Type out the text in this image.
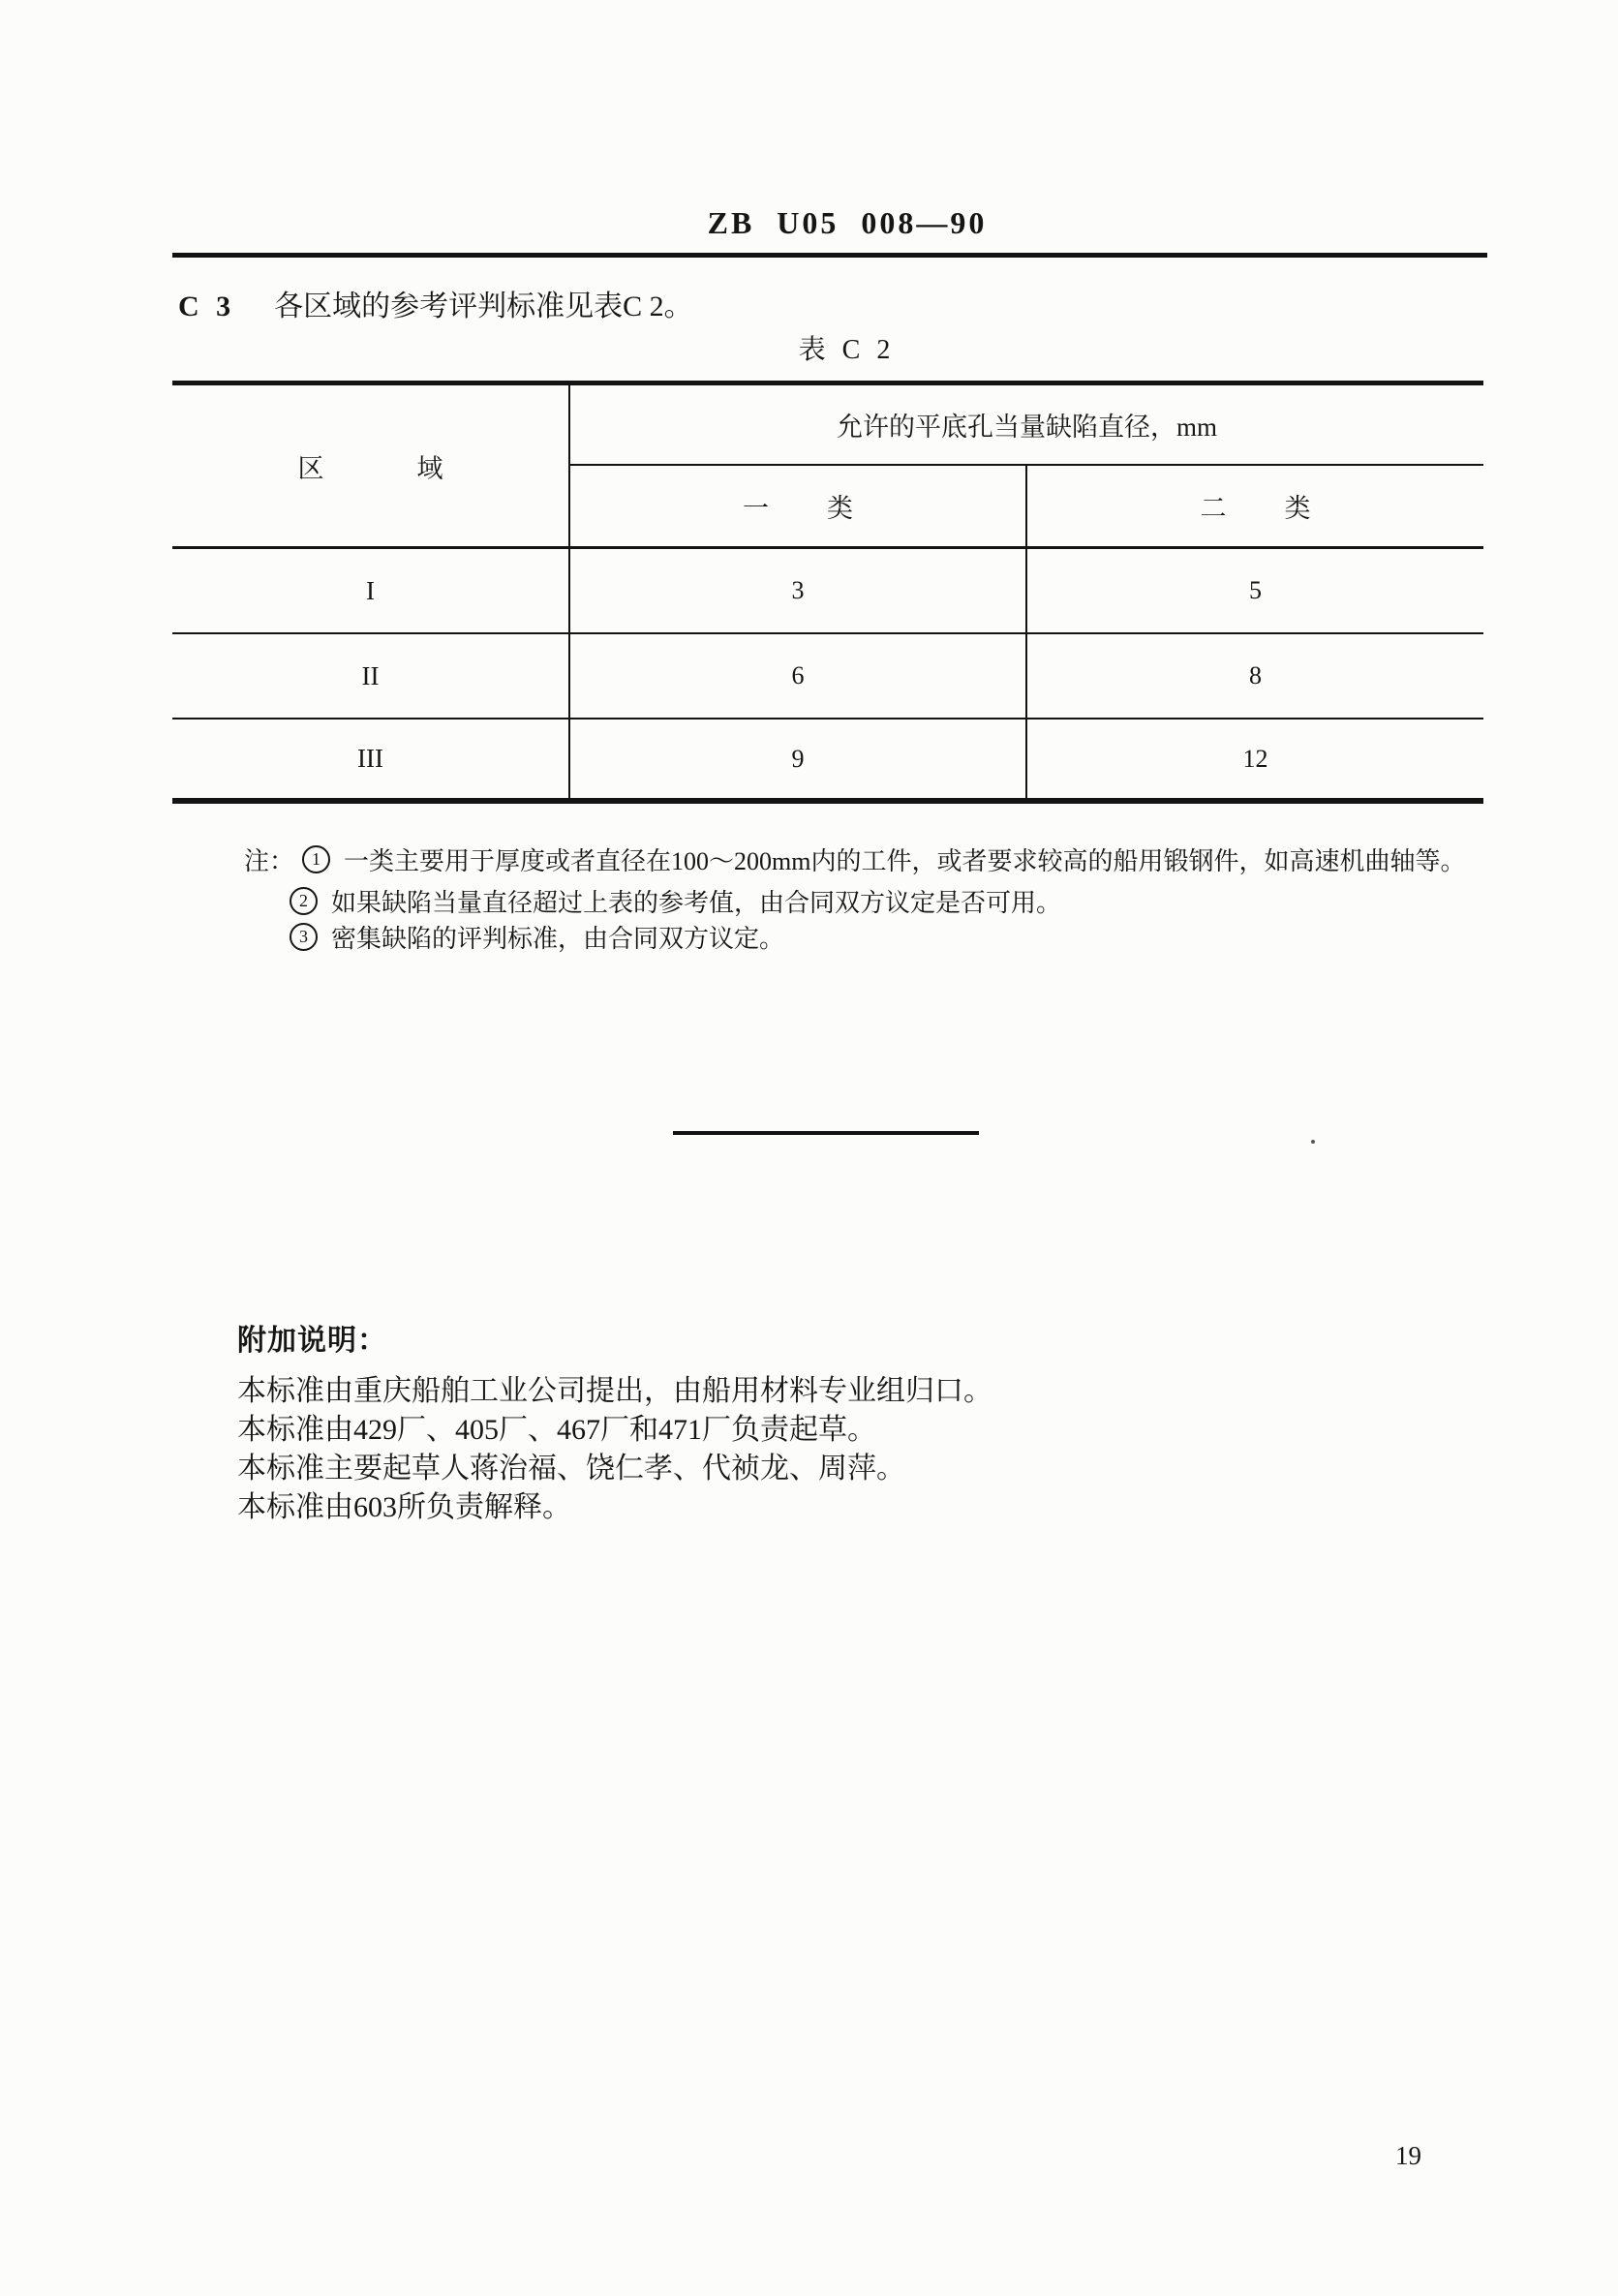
ZB U05 008—90
C 3 各区域的参考评判标准见表C 2。
表 C 2
区域
允许的平底孔当量缺陷直径，mm
一类	二类
I	3	5
II	6	8
III	9	12
注：	1 一类主要用于厚度或者直径在100～200mm内的工件，或者要求较高的船用锻钢件，如高速机曲轴等。
2 如果缺陷当量直径超过上表的参考值，由合同双方议定是否可用。
3 密集缺陷的评判标准，由合同双方议定。
附加说明：
本标准由重庆船舶工业公司提出，由船用材料专业组归口。
本标准由429厂、405厂、467厂和471厂负责起草。
本标准主要起草人蒋治福、饶仁孝、代祯龙、周萍。
本标准由603所负责解释。
19
